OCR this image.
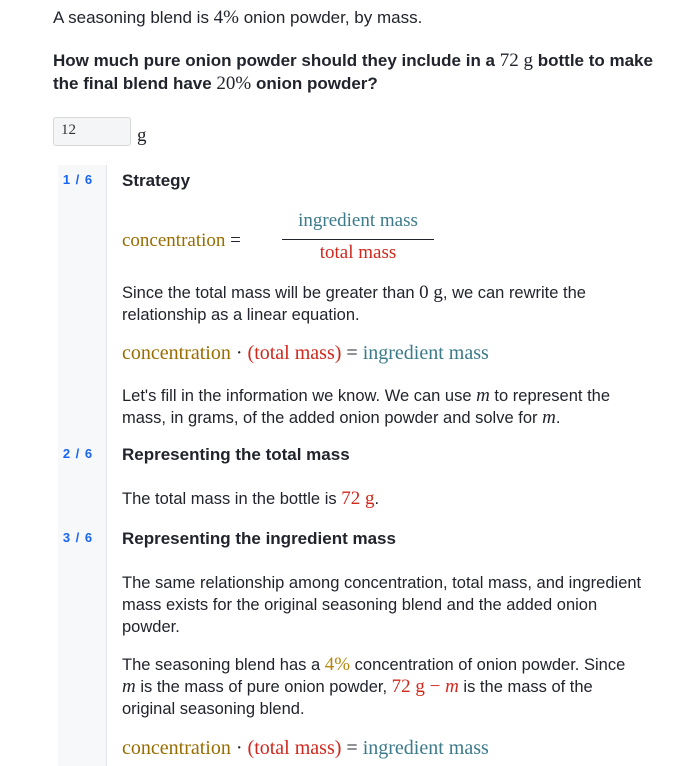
A seasoning blend is 4% onion powder, by mass.
How much pure onion powder should they include in a 72 g bottle to make the final blend have 20% onion powder?
12	g
1 / 6 Strategy
concentration =
ingredient mass
total mass
Since the total mass will be greater than 0 g, we can rewrite the relationship as a linear equation.
concentration · (total mass) = ingredient mass
Let's fill in the information we know. We can use m to represent the mass, in grams, of the added onion powder and solve for m.
2 / 6 Representing the total mass
The total mass in the bottle is 72 g.
3 / 6 Representing the ingredient mass
The same relationship among concentration, total mass, and ingredient mass exists for the original seasoning blend and the added onion powder.
The seasoning blend has a 4% concentration of onion powder. Since m is the mass of pure onion powder, 72 g − m is the mass of the original seasoning blend.
concentration · (total mass) = ingredient mass
